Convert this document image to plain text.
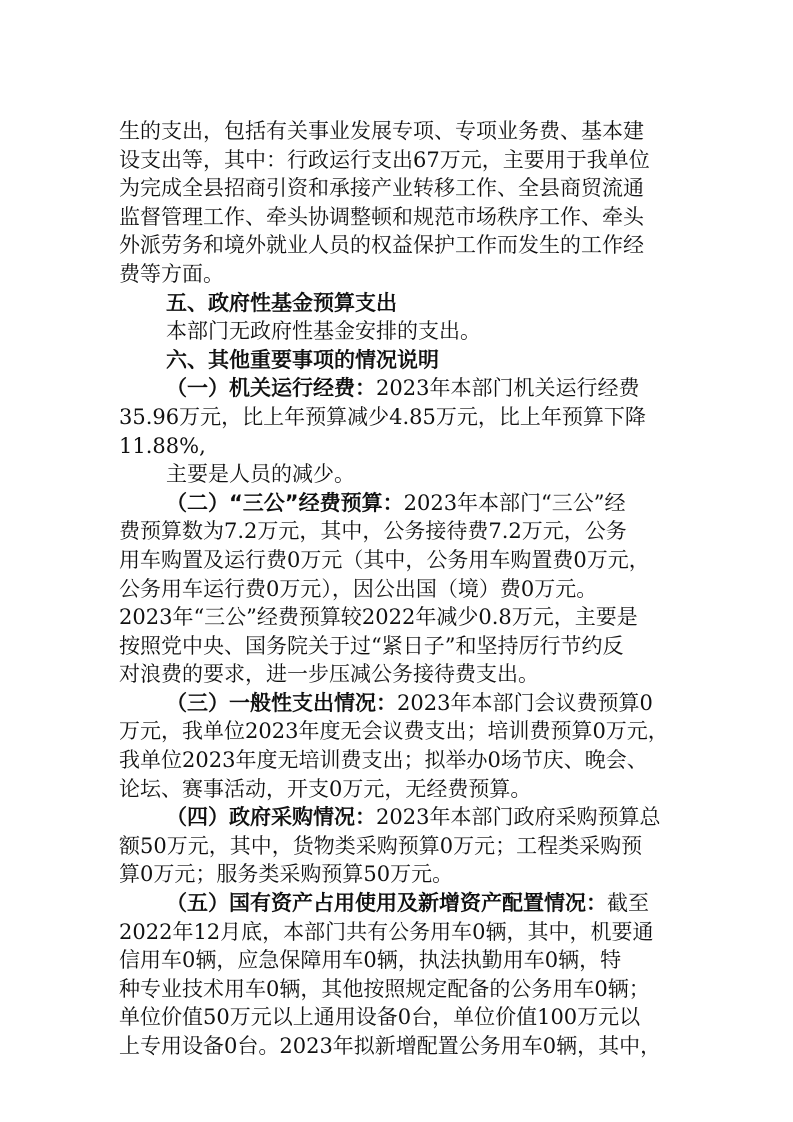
生的支出，包括有关事业发展专项、专项业务费、基本建
设支出等，其中：行政运行支出67万元，主要用于我单位
为完成全县招商引资和承接产业转移工作、全县商贸流通
监督管理工作、牵头协调整顿和规范市场秩序工作、牵头
外派劳务和境外就业人员的权益保护工作而发生的工作经
费等方面。
五、政府性基金预算支出
本部门无政府性基金安排的支出。
六、其他重要事项的情况说明
（一）机关运行经费：2023年本部门机关运行经费
35.96万元，比上年预算减少4.85万元，比上年预算下降
11.88%,
主要是人员的减少。
（二）“三公”经费预算：2023年本部门“三公”经
费预算数为7.2万元，其中，公务接待费7.2万元，公务
用车购置及运行费0万元（其中，公务用车购置费0万元，
公务用车运行费0万元），因公出国（境）费0万元。
2023年“三公”经费预算较2022年减少0.8万元，主要是
按照党中央、国务院关于过“紧日子”和坚持厉行节约反
对浪费的要求，进一步压减公务接待费支出。
（三）一般性支出情况：2023年本部门会议费预算0
万元，我单位2023年度无会议费支出；培训费预算0万元，
我单位2023年度无培训费支出；拟举办0场节庆、晚会、
论坛、赛事活动，开支0万元，无经费预算。
（四）政府采购情况：2023年本部门政府采购预算总
额50万元，其中，货物类采购预算0万元；工程类采购预
算0万元；服务类采购预算50万元。
（五）国有资产占用使用及新增资产配置情况：截至
2022年12月底，本部门共有公务用车0辆，其中，机要通
信用车0辆，应急保障用车0辆，执法执勤用车0辆，特
种专业技术用车0辆，其他按照规定配备的公务用车0辆；
单位价值50万元以上通用设备0台，单位价值100万元以
上专用设备0台。2023年拟新增配置公务用车0辆，其中，
